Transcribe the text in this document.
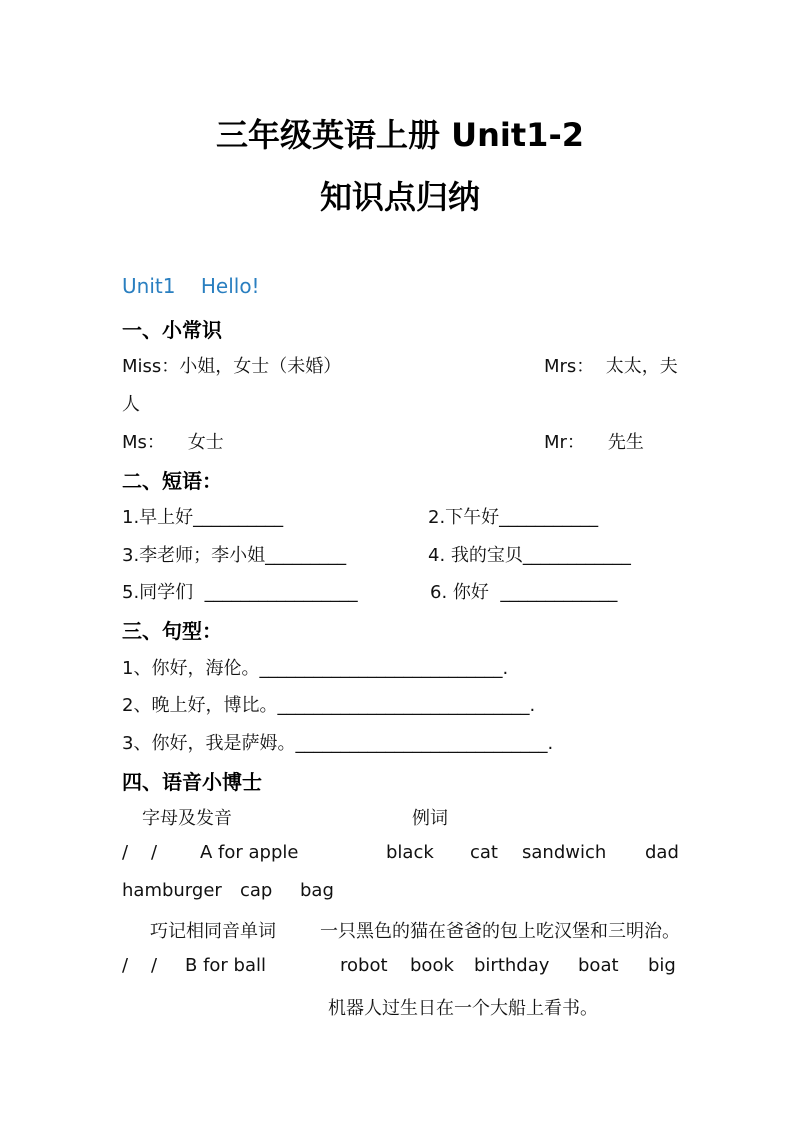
三年级英语上册 Unit1-2
知识点归纳
Unit1    Hello!
一、小常识
Miss：小姐，女士（未婚）	Mrs：  太太，夫
人
Ms：    女士	Mr：    先生
二、短语：
1.早上好__________	2.下午好___________
3.李老师；李小姐_________	4. 我的宝贝____________
5.同学们  _________________	6. 你好  _____________
三、句型：
1、你好，海伦。___________________________.
2、晚上好，博比。____________________________.
3、你好，我是萨姆。____________________________.
四、语音小博士
字母及发音	例词
/    / A for apple	black cat sandwich dad
hamburger cap bag
巧记相同音单词 一只黑色的猫在爸爸的包上吃汉堡和三明治。
/    / B for ball	robot book birthday boat big
机器人过生日在一个大船上看书。
